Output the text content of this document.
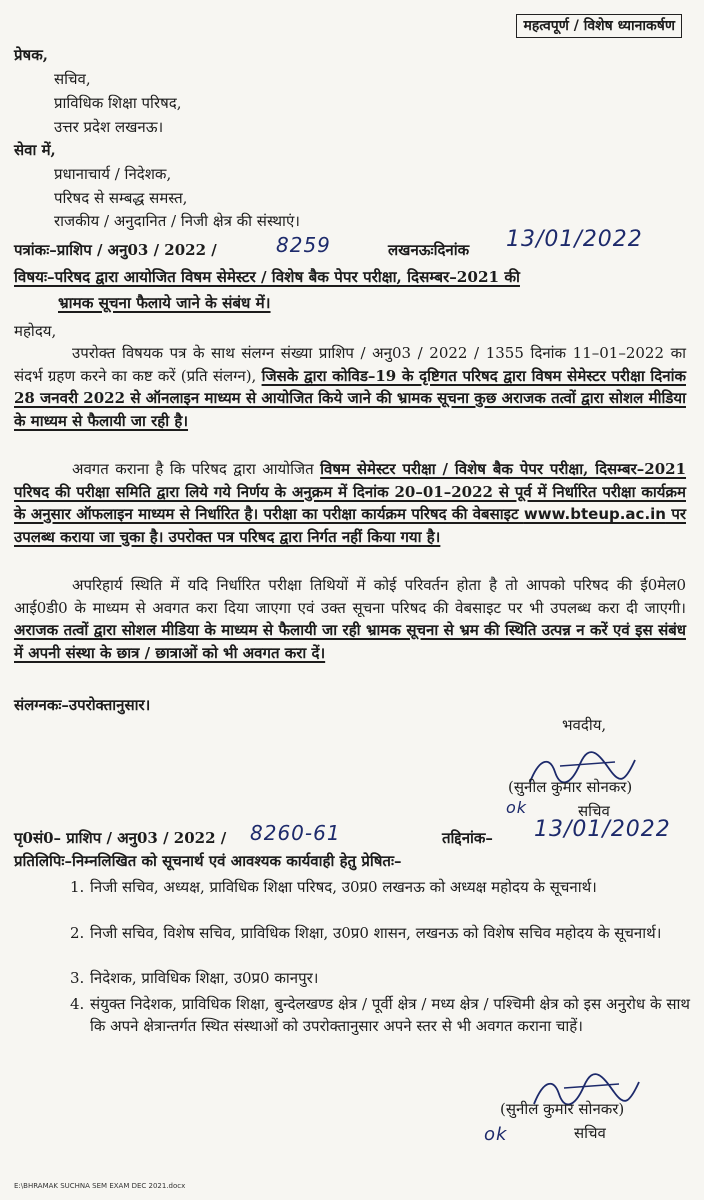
महत्वपूर्ण / विशेष ध्यानाकर्षण
प्रेषक,
सचिव,
प्राविधिक शिक्षा परिषद,
उत्तर प्रदेश लखनऊ।
सेवा में,
प्रधानाचार्य / निदेशक,
परिषद से सम्बद्ध समस्त,
राजकीय / अनुदानित / निजी क्षेत्र की संस्थाएं।
पत्रांकः–प्राशिप / अनु03 / 2022 /	8259	लखनऊःदिनांक 13/01/2022
विषयः–परिषद द्वारा आयोजित विषम सेमेस्टर / विशेष बैक पेपर परीक्षा, दिसम्बर–2021 की
भ्रामक सूचना फैलाये जाने के संबंध में।
महोदय,
उपरोक्त विषयक पत्र के साथ संलग्न संख्या प्राशिप / अनु03 / 2022 / 1355 दिनांक 11–01–2022 का संदर्भ ग्रहण करने का कष्ट करें (प्रति संलग्न), जिसके द्वारा कोविड–19 के दृष्टिगत परिषद द्वारा विषम सेमेस्टर परीक्षा दिनांक 28 जनवरी 2022 से ऑनलाइन माध्यम से आयोजित किये जाने की भ्रामक सूचना कुछ अराजक तत्वों द्वारा सोशल मीडिया के माध्यम से फैलायी जा रही है।
अवगत कराना है कि परिषद द्वारा आयोजित विषम सेमेस्टर परीक्षा / विशेष बैक पेपर परीक्षा, दिसम्बर–2021 परिषद की परीक्षा समिति द्वारा लिये गये निर्णय के अनुक्रम में दिनांक 20–01–2022 से पूर्व में निर्धारित परीक्षा कार्यक्रम के अनुसार ऑफलाइन माध्यम से निर्धारित है। परीक्षा का परीक्षा कार्यक्रम परिषद की वेबसाइट www.bteup.ac.in पर उपलब्ध कराया जा चुका है। उपरोक्त पत्र परिषद द्वारा निर्गत नहीं किया गया है।
अपरिहार्य स्थिति में यदि निर्धारित परीक्षा तिथियों में कोई परिवर्तन होता है तो आपको परिषद की ई0मेल0 आई0डी0 के माध्यम से अवगत करा दिया जाएगा एवं उक्त सूचना परिषद की वेबसाइट पर भी उपलब्ध करा दी जाएगी। अराजक तत्वों द्वारा सोशल मीडिया के माध्यम से फैलायी जा रही भ्रामक सूचना से भ्रम की स्थिति उत्पन्न न करें एवं इस संबंध में अपनी संस्था के छात्र / छात्राओं को भी अवगत करा दें।
संलग्नकः–उपरोक्तानुसार।
भवदीय,
(सुनील कुमार सोनकर)
ok	सचिव
पृ0सं0– प्राशिप / अनु03 / 2022 / 8260-61	तद्दिनांक– 13/01/2022
प्रतिलिपिः–निम्नलिखित को सूचनार्थ एवं आवश्यक कार्यवाही हेतु प्रेषितः–
1. निजी सचिव, अध्यक्ष, प्राविधिक शिक्षा परिषद, उ0प्र0 लखनऊ को अध्यक्ष महोदय के सूचनार्थ।
2. निजी सचिव, विशेष सचिव, प्राविधिक शिक्षा, उ0प्र0 शासन, लखनऊ को विशेष सचिव महोदय के सूचनार्थ।
3. निदेशक, प्राविधिक शिक्षा, उ0प्र0 कानपुर।
4. संयुक्त निदेशक, प्राविधिक शिक्षा, बुन्देलखण्ड क्षेत्र / पूर्वी क्षेत्र / मध्य क्षेत्र / पश्चिमी क्षेत्र को इस अनुरोध के साथ कि अपने क्षेत्रान्तर्गत स्थित संस्थाओं को उपरोक्तानुसार अपने स्तर से भी अवगत कराना चाहें।
(सुनील कुमार सोनकर)
ok	सचिव
E:\BHRAMAK SUCHNA SEM EXAM DEC 2021.docx
